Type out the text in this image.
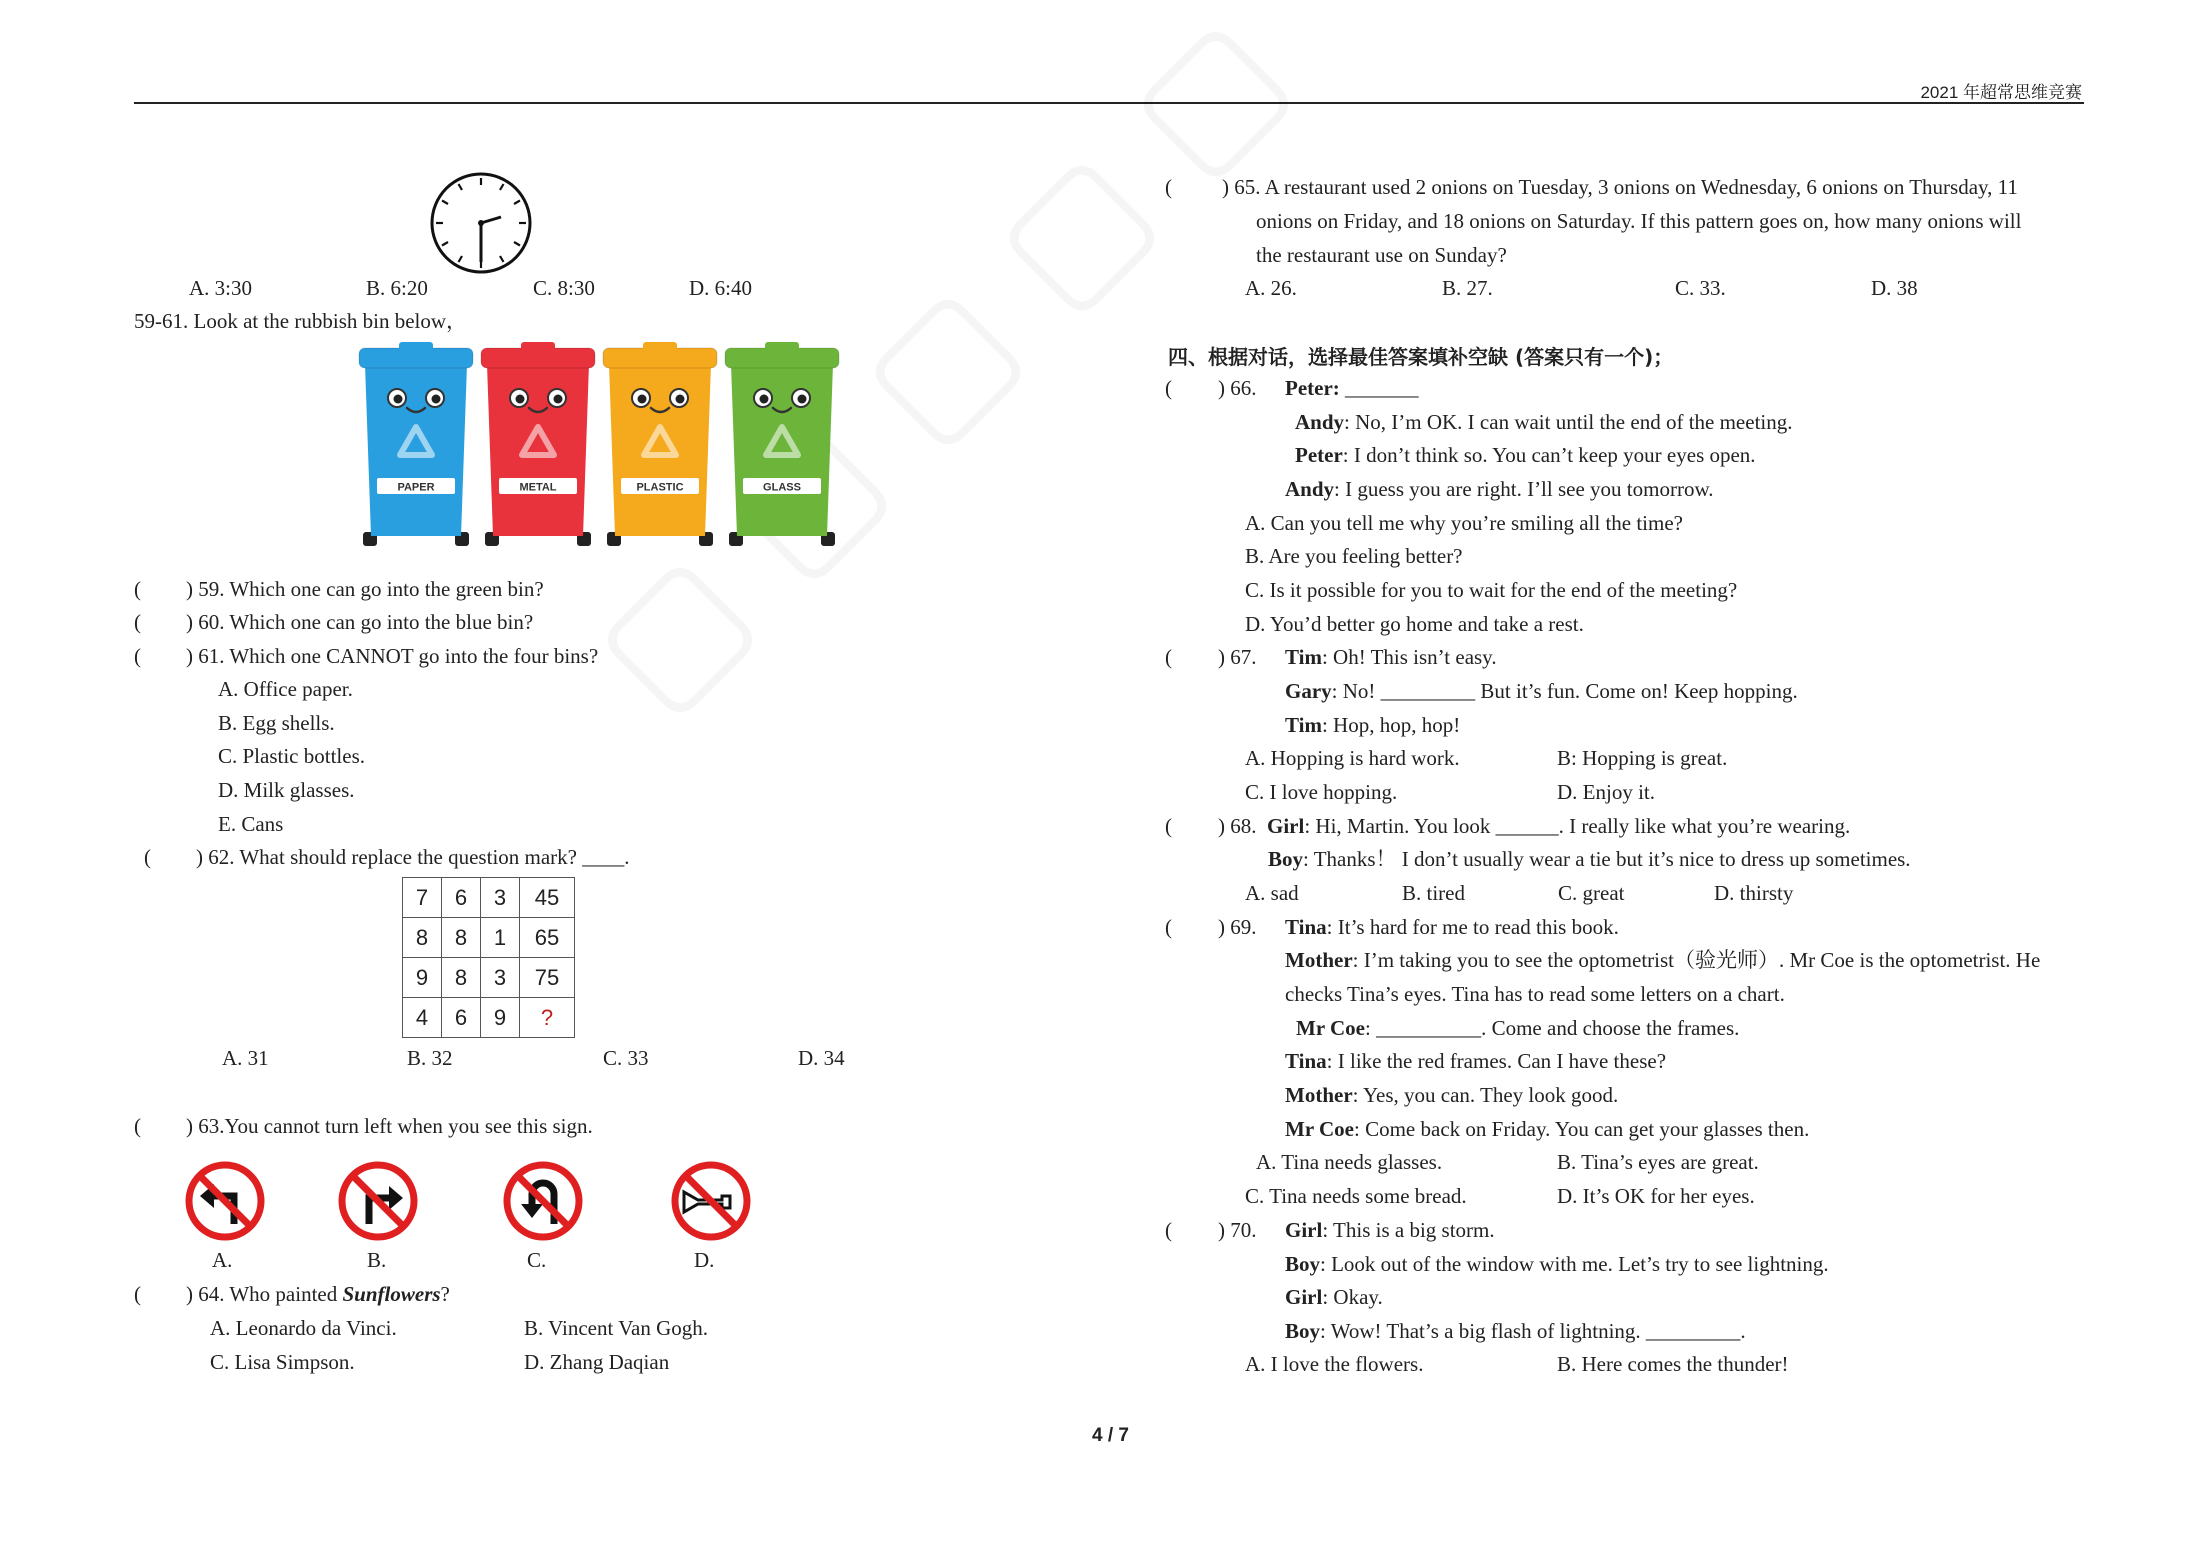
2021 年超常思维竞赛
A. 3:30	B. 6:20	C. 8:30	D. 6:40
59-61. Look at the rubbish bin below，
PAPER	METAL	PLASTIC	GLASS
( ) 59. Which one can go into the green bin?
( ) 60. Which one can go into the blue bin?
( ) 61. Which one CANNOT go into the four bins?
A. Office paper.
B. Egg shells.
C. Plastic bottles.
D. Milk glasses.
E. Cans
( ) 62. What should replace the question mark? ____.
7	6	3	45
8	8	1	65
9	8	3	75
4	6	9	?
A. 31	B. 32	C. 33	D. 34
( ) 63.You cannot turn left when you see this sign.
A.	B.	C.	D.
( ) 64. Who painted Sunflowers?
A. Leonardo da Vinci.	B. Vincent Van Gogh.
C. Lisa Simpson.	D. Zhang Daqian
( ) 65. A restaurant used 2 onions on Tuesday, 3 onions on Wednesday, 6 onions on Thursday, 11
onions on Friday, and 18 onions on Saturday. If this pattern goes on, how many onions will
the restaurant use on Sunday?
A. 26.	B. 27.	C. 33.	D. 38
四、根据对话，选择最佳答案填补空缺 (答案只有一个)；
( ) 66. Peter: _______
Andy: No, I’m OK. I can wait until the end of the meeting.
Peter: I don’t think so. You can’t keep your eyes open.
Andy: I guess you are right. I’ll see you tomorrow.
A. Can you tell me why you’re smiling all the time?
B. Are you feeling better?
C. Is it possible for you to wait for the end of the meeting?
D. You’d better go home and take a rest.
( ) 67. Tim: Oh! This isn’t easy.
Gary: No! _________ But it’s fun. Come on! Keep hopping.
Tim: Hop, hop, hop!
A. Hopping is hard work.	B: Hopping is great.
C. I love hopping.	D. Enjoy it.
( ) 68. Girl: Hi, Martin. You look ______. I really like what you’re wearing.
Boy: Thanks！ I don’t usually wear a tie but it’s nice to dress up sometimes.
A. sad	B. tired	C. great	D. thirsty
( ) 69. Tina: It’s hard for me to read this book.
Mother: I’m taking you to see the optometrist（验光师）. Mr Coe is the optometrist. He
checks Tina’s eyes. Tina has to read some letters on a chart.
Mr Coe: __________. Come and choose the frames.
Tina: I like the red frames. Can I have these?
Mother: Yes, you can. They look good.
Mr Coe: Come back on Friday. You can get your glasses then.
A. Tina needs glasses.	B. Tina’s eyes are great.
C. Tina needs some bread.	D. It’s OK for her eyes.
( ) 70. Girl: This is a big storm.
Boy: Look out of the window with me. Let’s try to see lightning.
Girl: Okay.
Boy: Wow! That’s a big flash of lightning. _________.
A. I love the flowers.	B. Here comes the thunder!
4 / 7
